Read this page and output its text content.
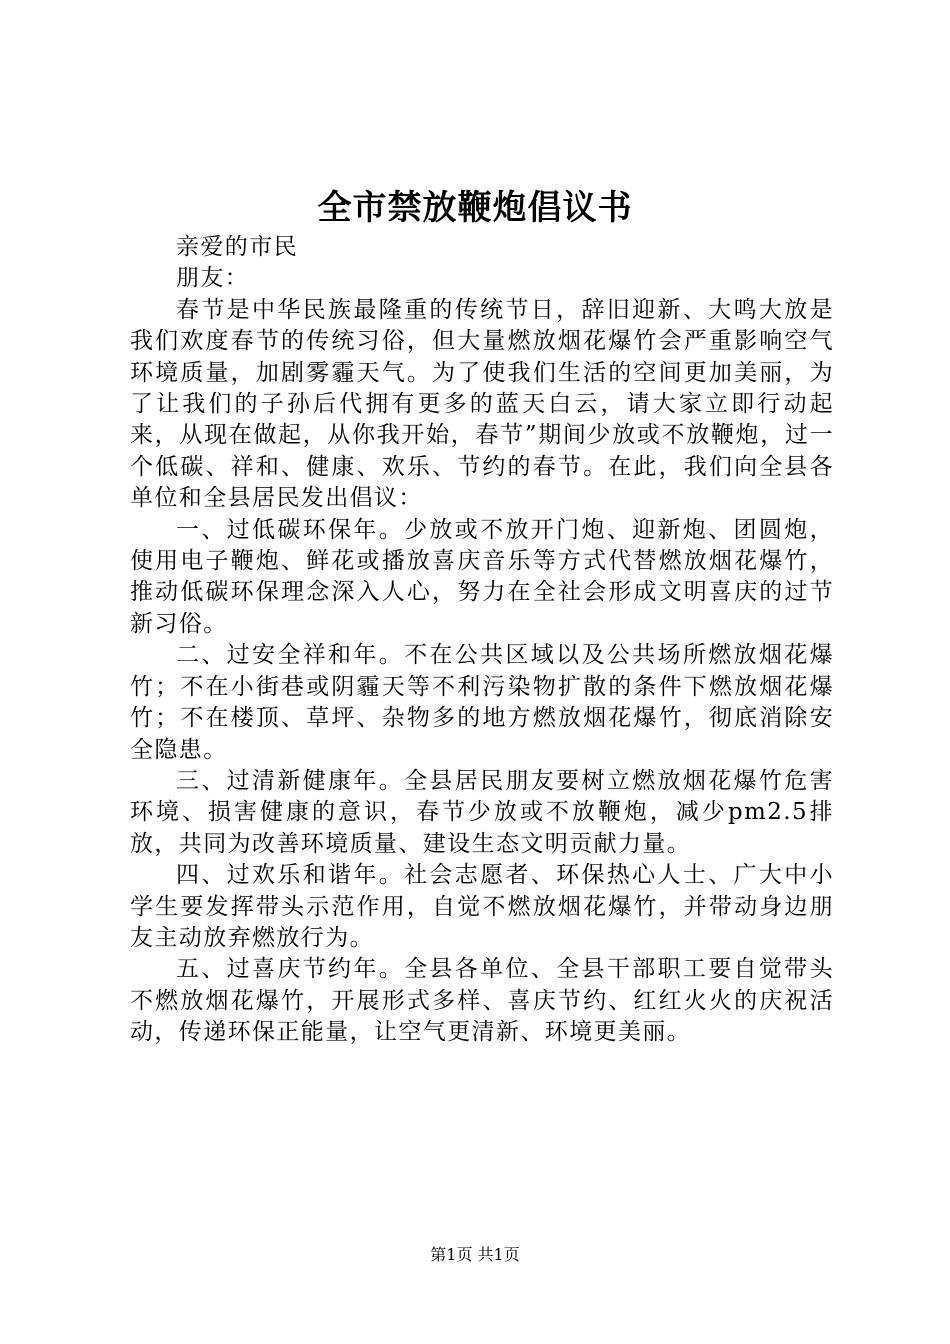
全市禁放鞭炮倡议书

亲爱的市民

朋友：

春节是中华民族最隆重的传统节日，辞旧迎新、大鸣大放是我们欢度春节的传统习俗，但大量燃放烟花爆竹会严重影响空气环境质量，加剧雾霾天气。为了使我们生活的空间更加美丽，为了让我们的子孙后代拥有更多的蓝天白云，请大家立即行动起来，从现在做起，从你我开始，春节”期间少放或不放鞭炮，过一个低碳、祥和、健康、欢乐、节约的春节。在此，我们向全县各单位和全县居民发出倡议：

一、过低碳环保年。少放或不放开门炮、迎新炮、团圆炮，使用电子鞭炮、鲜花或播放喜庆音乐等方式代替燃放烟花爆竹，推动低碳环保理念深入人心，努力在全社会形成文明喜庆的过节新习俗。

二、过安全祥和年。不在公共区域以及公共场所燃放烟花爆竹；不在小街巷或阴霾天等不利污染物扩散的条件下燃放烟花爆竹；不在楼顶、草坪、杂物多的地方燃放烟花爆竹，彻底消除安全隐患。

三、过清新健康年。全县居民朋友要树立燃放烟花爆竹危害环境、损害健康的意识，春节少放或不放鞭炮，减少pm2.5排放，共同为改善环境质量、建设生态文明贡献力量。

四、过欢乐和谐年。社会志愿者、环保热心人士、广大中小学生要发挥带头示范作用，自觉不燃放烟花爆竹，并带动身边朋友主动放弃燃放行为。

五、过喜庆节约年。全县各单位、全县干部职工要自觉带头不燃放烟花爆竹，开展形式多样、喜庆节约、红红火火的庆祝活动，传递环保正能量，让空气更清新、环境更美丽。

第1页 共1页
